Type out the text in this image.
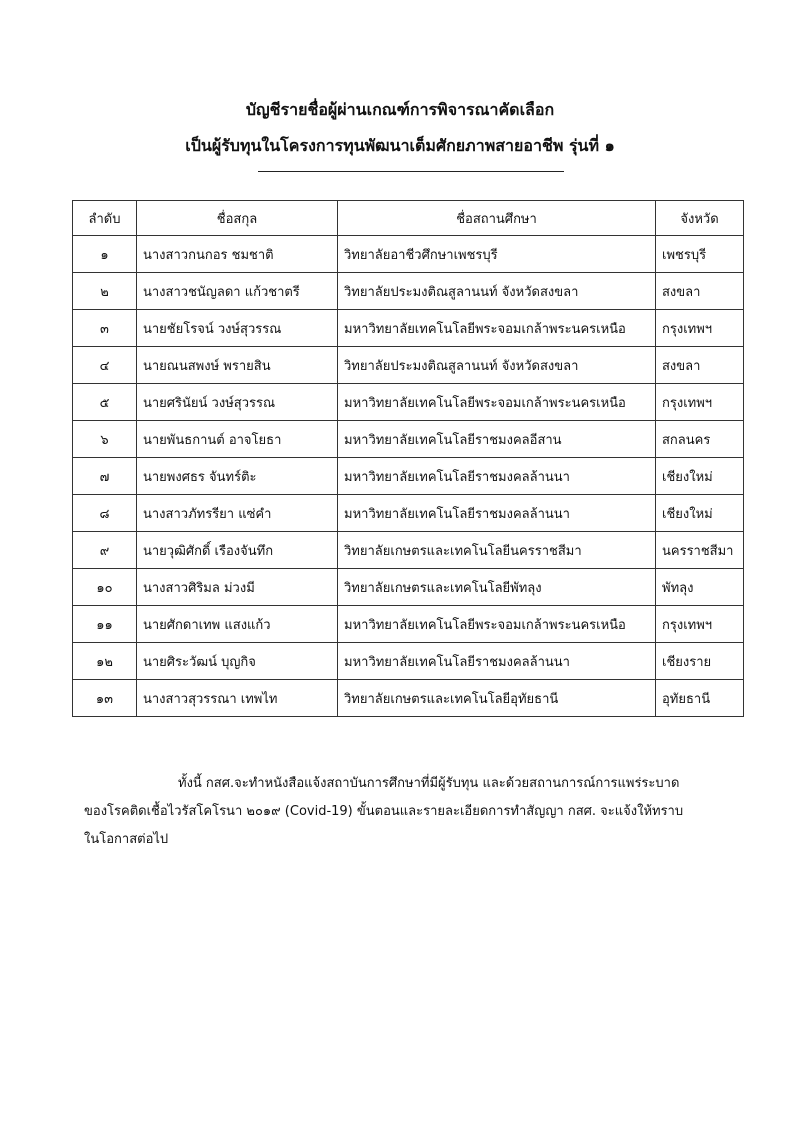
บัญชีรายชื่อผู้ผ่านเกณฑ์การพิจารณาคัดเลือก
เป็นผู้รับทุนในโครงการทุนพัฒนาเต็มศักยภาพสายอาชีพ รุ่นที่ ๑
ลำดับ	ชื่อสกุล	ชื่อสถานศึกษา	จังหวัด
๑	นางสาวกนกอร ชมชาติ	วิทยาลัยอาชีวศึกษาเพชรบุรี	เพชรบุรี
๒	นางสาวชนัญลดา แก้วชาตรี	วิทยาลัยประมงติณสูลานนท์ จังหวัดสงขลา	สงขลา
๓	นายชัยโรจน์ วงษ์สุวรรณ	มหาวิทยาลัยเทคโนโลยีพระจอมเกล้าพระนครเหนือ	กรุงเทพฯ
๔	นายณนสพงษ์ พรายสิน	วิทยาลัยประมงติณสูลานนท์ จังหวัดสงขลา	สงขลา
๕	นายศรินัยน์ วงษ์สุวรรณ	มหาวิทยาลัยเทคโนโลยีพระจอมเกล้าพระนครเหนือ	กรุงเทพฯ
๖	นายพันธกานต์ อาจโยธา	มหาวิทยาลัยเทคโนโลยีราชมงคลอีสาน	สกลนคร
๗	นายพงศธร จันทร์ติะ	มหาวิทยาลัยเทคโนโลยีราชมงคลล้านนา	เชียงใหม่
๘	นางสาวภัทรรียา แซ่คำ	มหาวิทยาลัยเทคโนโลยีราชมงคลล้านนา	เชียงใหม่
๙	นายวุฒิศักดิ์ เรืองจันทึก	วิทยาลัยเกษตรและเทคโนโลยีนครราชสีมา	นครราชสีมา
๑๐	นางสาวศิริมล ม่วงมี	วิทยาลัยเกษตรและเทคโนโลยีพัทลุง	พัทลุง
๑๑	นายศักดาเทพ แสงแก้ว	มหาวิทยาลัยเทคโนโลยีพระจอมเกล้าพระนครเหนือ	กรุงเทพฯ
๑๒	นายศิระวัฒน์ บุญกิจ	มหาวิทยาลัยเทคโนโลยีราชมงคลล้านนา	เชียงราย
๑๓	นางสาวสุวรรณา เทพไท	วิทยาลัยเกษตรและเทคโนโลยีอุทัยธานี	อุทัยธานี

ทั้งนี้ กสศ.จะทำหนังสือแจ้งสถาบันการศึกษาที่มีผู้รับทุน และด้วยสถานการณ์การแพร่ระบาด

ของโรคติดเชื้อไวรัสโคโรนา ๒๐๑๙ (Covid-19) ขั้นตอนและรายละเอียดการทำสัญญา กสศ. จะแจ้งให้ทราบ

ในโอกาสต่อไป
